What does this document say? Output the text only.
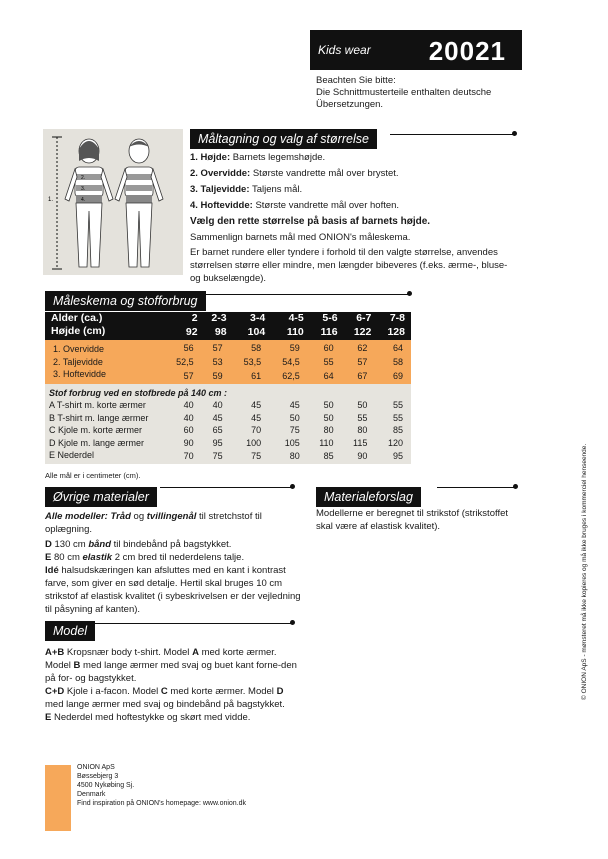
Kids wear 20021
Beachten Sie bitte:
Die Schnittmusterteile enthalten deutsche
Übersetzungen.
1.
2.
3.
4.
Måltagning og valg af størrelse
1. Højde: Barnets legemshøjde.
2. Overvidde: Største vandrette mål over brystet.
3. Taljevidde: Taljens mål.
4. Hoftevidde: Største vandrette mål over hoften.
Vælg den rette størrelse på basis af barnets højde.
Sammenlign barnets mål med ONION's måleskema.
Er barnet rundere eller tyndere i forhold til den valgte størrelse, anvendes størrelsen større eller mindre, men længder bibeveres (f.eks. ærme-, bluse- og bukselængde).
Måleskema og stofforbrug
Alder (ca.)	2	2-3	3-4	4-5	5-6	6-7	7-8
Højde (cm)	92	98	104	110	116	122	128
1. Overvidde	56	57	58	59	60	62	64
2. Taljevidde	52,5	53	53,5	54,5	55	57	58
3. Hoftevidde	57	59	61	62,5	64	67	69
Stof forbrug ved en stofbrede på 140 cm :							
A T-shirt m. korte ærmer	40	40	45	45	50	50	55
B T-shirt m. lange ærmer	40	45	45	50	50	55	55
C Kjole m. korte ærmer	60	65	70	75	80	80	85
D Kjole m. lange ærmer	90	95	100	105	110	115	120
E Nederdel	70	75	75	80	85	90	95
Alle mål er i centimeter (cm).
Øvrige materialer
Alle modeller: Tråd og tvillingenål til stretchstof til oplægning.
D 130 cm bånd til bindebånd på bagstykket.
E 80 cm elastik 2 cm bred til nederdelens talje.
Idé halsudskæringen kan afsluttes med en kant i kontrast farve, som giver en sød detalje. Hertil skal bruges 10 cm strikstof af elastisk kvalitet (i sybeskrivelsen er der vejledning til påsyning af kanten).
Materialeforslag
Modellerne er beregnet til strikstof (strikstoffet skal være af elastisk kvalitet).
Model
A+B Kropsnær body t-shirt. Model A med korte ærmer. Model B med lange ærmer med svaj og buet kant forne-den på for- og bagstykket.
C+D Kjole i a-facon. Model C med korte ærmer. Model D med lange ærmer med svaj og bindebånd på bagstykket.
E Nederdel med hoftestykke og skørt med vidde.
ONION ApS
Bøssebjerg 3
4500 Nykøbing Sj.
Denmark
Find inspiration på ONION's homepage: www.onion.dk
© ONION ApS - mønsteret må ikke kopieres og må ikke bruges i kommerciel henseende.
